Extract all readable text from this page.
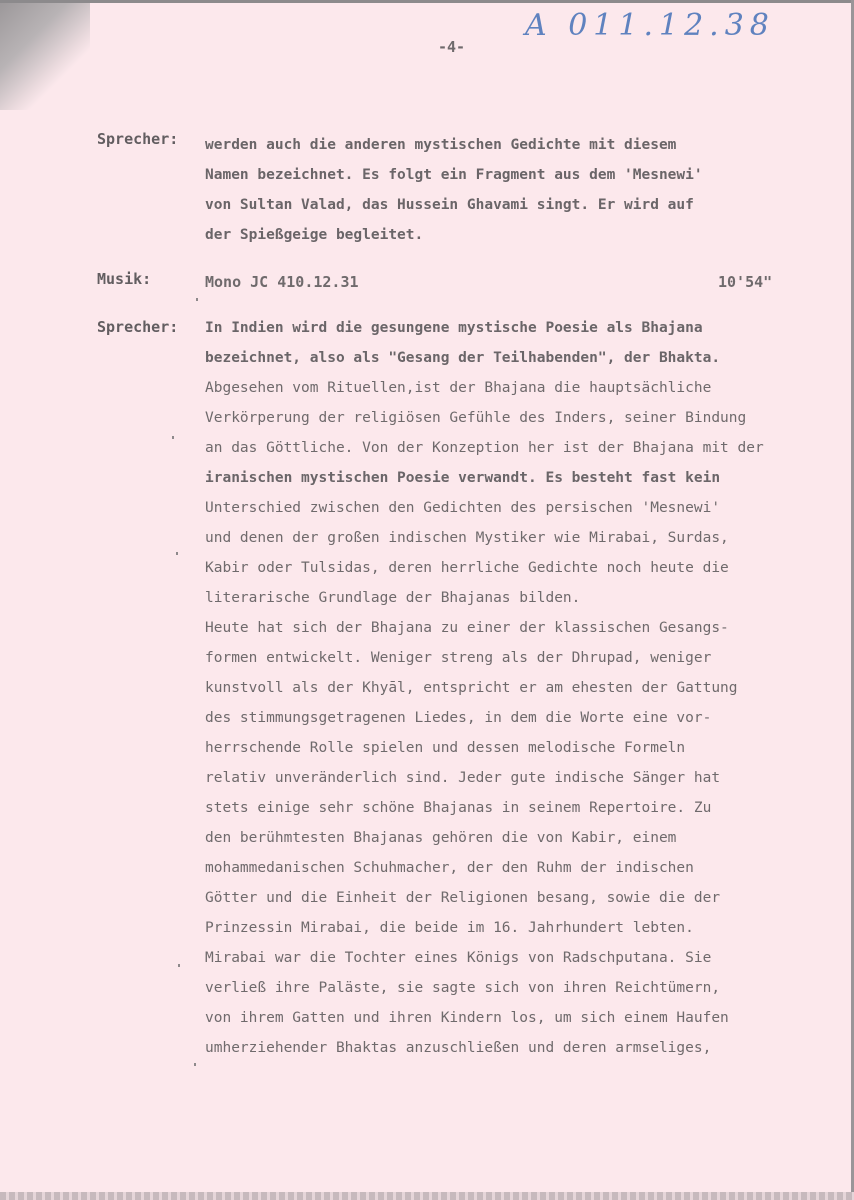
A 011.12.38
-4-
Sprecher: werden auch die anderen mystischen Gedichte mit diesem
Namen bezeichnet. Es folgt ein Fragment aus dem 'Mesnewi'
von Sultan Valad, das Hussein Ghavami singt. Er wird auf
der Spießgeige begleitet.
Musik:	Mono JC 410.12.31	10'54"
Sprecher: In Indien wird die gesungene mystische Poesie als Bhajana
bezeichnet, also als "Gesang der Teilhabenden", der Bhakta.
Abgesehen vom Rituellen,ist der Bhajana die hauptsächliche
Verkörperung der religiösen Gefühle des Inders, seiner Bindung
an das Göttliche. Von der Konzeption her ist der Bhajana mit der
iranischen mystischen Poesie verwandt. Es besteht fast kein
Unterschied zwischen den Gedichten des persischen 'Mesnewi'
und denen der großen indischen Mystiker wie Mirabai, Surdas,
Kabir oder Tulsidas, deren herrliche Gedichte noch heute die
literarische Grundlage der Bhajanas bilden.
Heute hat sich der Bhajana zu einer der klassischen Gesangs-
formen entwickelt. Weniger streng als der Dhrupad, weniger
kunstvoll als der Khyāl, entspricht er am ehesten der Gattung
des stimmungsgetragenen Liedes, in dem die Worte eine vor-
herrschende Rolle spielen und dessen melodische Formeln
relativ unveränderlich sind. Jeder gute indische Sänger hat
stets einige sehr schöne Bhajanas in seinem Repertoire. Zu
den berühmtesten Bhajanas gehören die von Kabir, einem
mohammedanischen Schuhmacher, der den Ruhm der indischen
Götter und die Einheit der Religionen besang, sowie die der
Prinzessin Mirabai, die beide im 16. Jahrhundert lebten.
Mirabai war die Tochter eines Königs von Radschputana. Sie
verließ ihre Paläste, sie sagte sich von ihren Reichtümern,
von ihrem Gatten und ihren Kindern los, um sich einem Haufen
umherziehender Bhaktas anzuschließen und deren armseliges,
